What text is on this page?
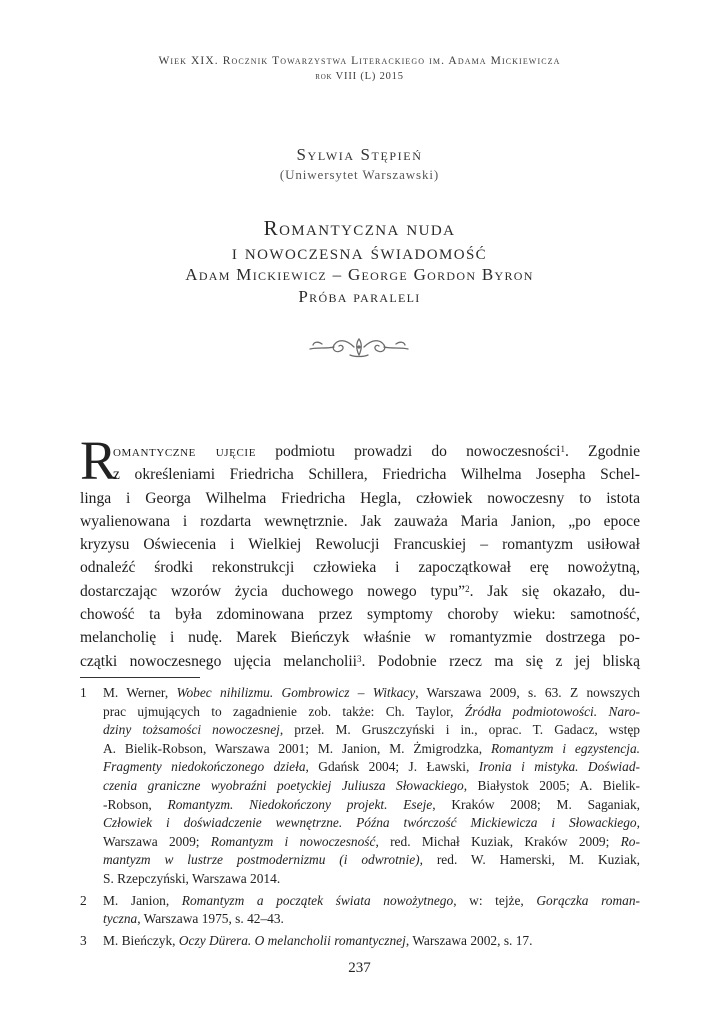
Wiek XIX. Rocznik Towarzystwa Literackiego im. Adama Mickiewicza
rok VIII (L) 2015
Sylwia Stępień
(Uniwersytet Warszawski)
Romantyczna nuda
i nowoczesna świadomość
Adam Mickiewicz – George Gordon Byron
Próba paraleli
R
omantyczne ujęcie podmiotu prowadzi do nowoczesności$^1$. Zgodnie
z określeniami Friedricha Schillera, Friedricha Wilhelma Josepha Schel-
linga i Georga Wilhelma Friedricha Hegla, człowiek nowoczesny to istota
wyalienowana i rozdarta wewnętrznie. Jak zauważa Maria Janion, „po epoce
kryzysu Oświecenia i Wielkiej Rewolucji Francuskiej – romantyzm usiłował
odnaleźć środki rekonstrukcji człowieka i zapoczątkował erę nowożytną,
dostarczając wzorów życia duchowego nowego typu”$^2$. Jak się okazało, du-
chowość ta była zdominowana przez symptomy choroby wieku: samotność,
melancholię i nudę. Marek Bieńczyk właśnie w romantyzmie dostrzega po-
czątki nowoczesnego ujęcia melancholii$^3$. Podobnie rzecz ma się z jej bliską
1	M. Werner, Wobec nihilizmu. Gombrowicz – Witkacy, Warszawa 2009, s. 63. Z nowszych
prac ujmujących to zagadnienie zob. także: Ch. Taylor, Źródła podmiotowości. Naro-
dziny tożsamości nowoczesnej, przeł. M. Gruszczyński i in., oprac. T. Gadacz, wstęp
A. Bielik-Robson, Warszawa 2001; M. Janion, M. Żmigrodzka, Romantyzm i egzystencja.
Fragmenty niedokończonego dzieła, Gdańsk 2004; J. Ławski, Ironia i mistyka. Doświad-
czenia graniczne wyobraźni poetyckiej Juliusza Słowackiego, Białystok 2005; A. Bielik-
-Robson, Romantyzm. Niedokończony projekt. Eseje, Kraków 2008; M. Saganiak,
Człowiek i doświadczenie wewnętrzne. Późna twórczość Mickiewicza i Słowackiego,
Warszawa 2009; Romantyzm i nowoczesność, red. Michał Kuziak, Kraków 2009; Ro-
mantyzm w lustrze postmodernizmu (i odwrotnie), red. W. Hamerski, M. Kuziak,
S. Rzepczyński, Warszawa 2014.
2	M. Janion, Romantyzm a początek świata nowożytnego, w: tejże, Gorączka roman-
tyczna, Warszawa 1975, s. 42–43.
3	M. Bieńczyk, Oczy Dürera. O melancholii romantycznej, Warszawa 2002, s. 17.
237
